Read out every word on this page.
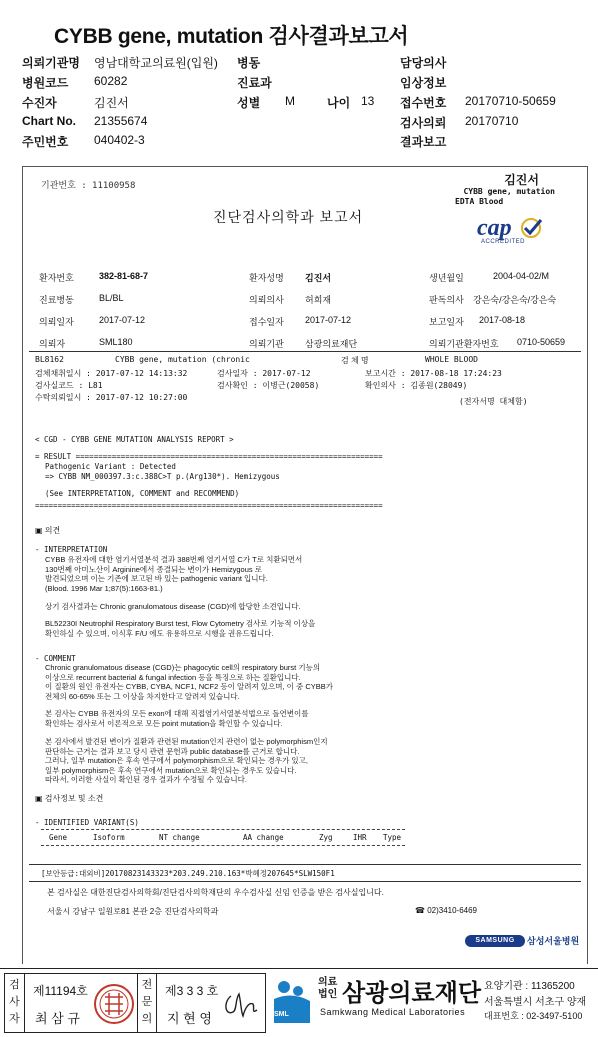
CYBB gene, mutation 검사결과보고서
의뢰기관명 영남대학교의료원(입원) 병동	담당의사
병원코드 60282	진료과	임상정보
수진자	김진서	성별 M	나이 13 접수번호 20170710-50659
Chart No. 21355674	검사의뢰 20170710
주민번호 040402-3	결과보고
기관번호 : 11100958	김진서
CYBB gene, mutation
EDTA Blood
진단검사의학과 보고서	cap
ACCREDITED
환자번호	382-81-68-7	환자성명 김진서	생년월일	2004-04-02/M
진료병동	BL/BL	의뢰의사 허희재	판독의사 강은숙/강은숙/강은숙
의뢰일자	2017-07-12	접수일자 2017-07-12	보고일자 2017-08-18
의뢰자	SML180	의뢰기관 삼광의료재단	의뢰기관환자번호 0710-50659
BL8162	CYBB gene, mutation (chronic	검 체 명	WHOLE BLOOD
검체채취일시 : 2017-07-12 14:13:32	검사일자 : 2017-07-12	보고시간 : 2017-08-18 17:24:23
검사실코드 : L81	검사확인 : 이병근(20058)	확인의사 : 김종원(28049)
수탁의뢰일시 : 2017-07-12 10:27:00	(전자서명 대체함)
< CGD - CYBB GENE MUTATION ANALYSIS REPORT >
= RESULT ====================================================================
Pathogenic Variant : Detected
=> CYBB NM_000397.3:c.388C>T p.(Arg130*). Hemizygous
(See INTERPRETATION, COMMENT and RECOMMEND)
=============================================================================
▣ 의견
- INTERPRETATION
CYBB 유전자에 대한 염기서열분석 결과 388번째 염기서열 C가 T로 치환되면서
130번째 아미노산이 Arginine에서 종결되는 변이가 Hemizygous 로
발견되었으며 이는 기존에 보고된 바 있는 pathogenic variant 입니다.
(Blood. 1996 Mar 1;87(5):1663-81.)
상기 검사결과는 Chronic granulomatous disease (CGD)에 합당한 소견입니다.
BL52230I Neutrophil Respiratory Burst test, Flow Cytometry 검사로 기능적 이상을
확인하실 수 있으며, 이식후 F/U 에도 유용하므로 시행을 권유드립니다.
- COMMENT
Chronic granulomatous disease (CGD)는 phagocytic cell의 respiratory burst 기능의
이상으로 recurrent bacterial & fungal infection 등을 특징으로 하는 질환입니다.
이 질환의 원인 유전자는 CYBB, CYBA, NCF1, NCF2 등이 알려져 있으며, 이 중 CYBB가
전체의 60-65% 또는 그 이상을 차지한다고 알려져 있습니다.
본 검사는 CYBB 유전자의 모든 exon에 대해 직접염기서열분석법으로 돌연변이를
확인하는 검사로서 이론적으로 모든 point mutation을 확인할 수 있습니다.
본 검사에서 발견된 변이가 질환과 관련된 mutation인지 관련이 없는 polymorphism인지
판단하는 근거는 결과 보고 당시 관련 문헌과 public database를 근거로 합니다.
그러나, 일부 mutation은 후속 연구에서 polymorphism으로 확인되는 경우가 있고,
일부 polymorphism은 후속 연구에서 mutation으로 확인되는 경우도 있습니다.
따라서, 이러한 사실이 확인된 경우 결과가 수정될 수 있습니다.
▣ 검사정보 및 소견
- IDENTIFIED VARIANT(S)
Gene	Isoform	NT change	AA change	Zyg	IHR Type
[보안등급:대외비]20170823143323*203.249.210.163*박혜정207645*SLW150F1
본 검사실은 대한진단검사의학회/진단검사의학재단의 우수검사실 신임 인증을 받은 검사실입니다.
서울시 강남구 일원로81 본관 2층 진단검사의학과	☎ 02)3410-6469
SAMSUNG	삼성서울병원
검
사
자
제11194호
최 삼 규
전
문
의
제3 3 3 호
지 현 영	SML
의료
법인 삼광의료재단
Samkwang Medical Laboratories
요양기관 : 11365200
서울특별시 서초구 양재
대표번호 : 02-3497-5100
